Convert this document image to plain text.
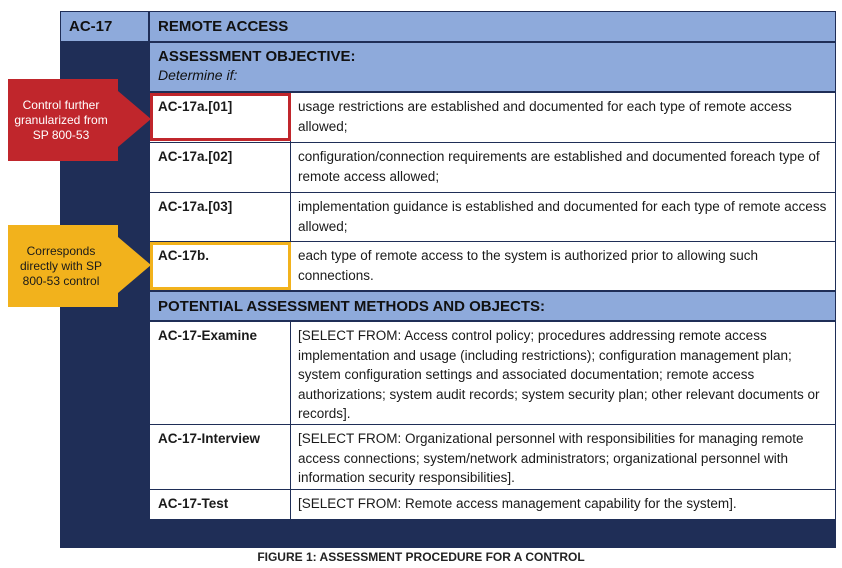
AC-17	REMOTE ACCESS
ASSESSMENT OBJECTIVE:
Determine if:
AC-17a.[01]	usage restrictions are established and documented for each type of remote access allowed;
AC-17a.[02]	configuration/connection requirements are established and documented foreach type of remote access allowed;
AC-17a.[03]	implementation guidance is established and documented for each type of remote access allowed;
AC-17b.	each type of remote access to the system is authorized prior to allowing such connections.
POTENTIAL ASSESSMENT METHODS AND OBJECTS:
AC-17-Examine	[SELECT FROM: Access control policy; procedures addressing remote access implementation and usage (including restrictions); configuration management plan; system configuration settings and associated documentation; remote access authorizations; system audit records; system security plan; other relevant documents or records].
AC-17-Interview	[SELECT FROM: Organizational personnel with responsibilities for managing remote access connections; system/network administrators; organizational personnel with information security responsibilities].
AC-17-Test	[SELECT FROM: Remote access management capability for the system].
Control further granularized from SP 800-53
Corresponds directly with SP 800-53 control
FIGURE 1: ASSESSMENT PROCEDURE FOR A CONTROL
